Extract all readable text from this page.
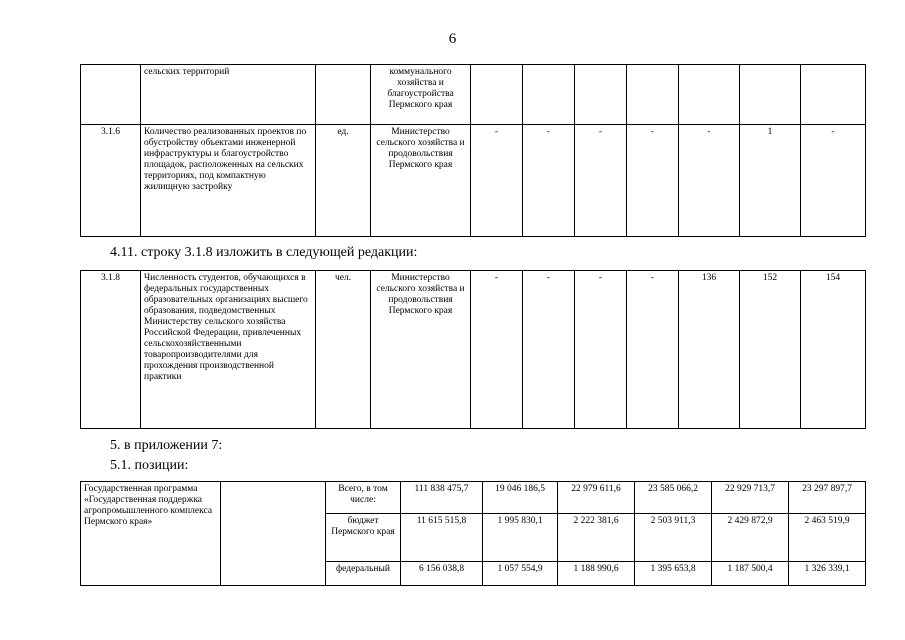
6
	сельских территорий		коммунального хозяйства и благоустройства Пермского края							
3.1.6	Количество реализованных проектов по обустройству объектами инженерной инфраструктуры и благоустройство площадок, расположенных на сельских территориях, под компактную жилищную застройку	ед.	Министерство сельского хозяйства и продовольствия Пермского края	-	-	-	-	-	1	-
4.11. строку 3.1.8 изложить в следующей редакции:
3.1.8	Численность студентов, обучающихся в федеральных государственных образовательных организациях высшего образования, подведомственных Министерству сельского хозяйства Российской Федерации, привлеченных сельскохозяйственными товаропроизводителями для прохождения производственной практики	чел.	Министерство сельского хозяйства и продовольствия Пермского края	-	-	-	-	136	152	154
5. в приложении 7:
5.1. позиции:
Государственная программа «Государственная поддержка агропромышленного комплекса Пермского края»		Всего, в том числе:	111 838 475,7	19 046 186,5	22 979 611,6	23 585 066,2	22 929 713,7	23 297 897,7
		бюджет Пермского края	11 615 515,8	1 995 830,1	2 222 381,6	2 503 911,3	2 429 872,9	2 463 519,9
		федеральный	6 156 038,8	1 057 554,9	1 188 990,6	1 395 653,8	1 187 500,4	1 326 339,1
